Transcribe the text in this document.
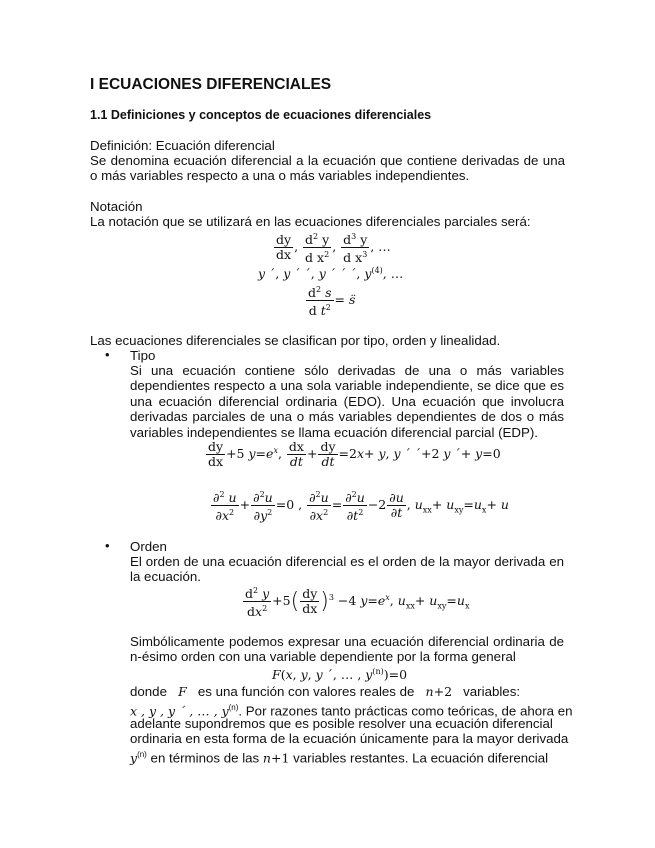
I ECUACIONES DIFERENCIALES
1.1 Definiciones y conceptos de ecuaciones diferenciales
Definición: Ecuación diferencial
Se denomina ecuación diferencial a la ecuación que contiene derivadas de una o más variables respecto a una o más variables independientes.
Notación
La notación que se utilizará en las ecuaciones diferenciales parciales será:
$\frac{dy}{dx}$ , $\frac{d^2 y}{d x^2}$ , $\frac{d^3 y}{d x^3}$ , …
y ´, y ´ ´, y ´ ´ ´, $y^{(4)}$, …
$\frac{d^2 s}{d t^2}$ = s̈
Las ecuaciones diferenciales se clasifican por tipo, orden y linealidad.
• Tipo
Si una ecuación contiene sólo derivadas de una o más variables dependientes respecto a una sola variable independiente, se dice que es una ecuación diferencial ordinaria (EDO). Una ecuación que involucra derivadas parciales de una o más variables dependientes de dos o más variables independientes se llama ecuación diferencial parcial (EDP).
$\frac{dy}{dx} +5$ $y=e^x$, $\frac{dx}{dt} + \frac{dy}{dt} =2x+ y$, y ´ ´+2 y ´+ y=0
$\frac{\partial^2 u}{\partial x^2} + \frac{\partial^2u}{\partial y^2} =0$ , $\frac{\partial^2u}{\partial x^2} = \frac{\partial^2u}{\partial t^2} -2 \frac{\partial u}{\partial t}$ , $u_{xx}+ u_{xy}=u_x+ u$
• Orden
El orden de una ecuación diferencial es el orden de la mayor derivada en la ecuación.
$\frac{d^2 y}{dx^2} +5( \frac{dy}{dx} )^3 -4$ $y=e^x$, $u_{xx}+ u_{xy}=u_x$
Simbólicamente podemos expresar una ecuación diferencial ordinaria de n-ésimo orden con una variable dependiente por la forma general
F(x, y, y ´, … , $y^{(n)})=0$
donde F es una función con valores reales de n+2 variables:
x , y , y ´ , … , $y^{(n)}$. Por razones tanto prácticas como teóricas, de ahora en
adelante supondremos que es posible resolver una ecuación diferencial
ordinaria en esta forma de la ecuación únicamente para la mayor derivada
$y^{(n)}$ en términos de las n+1 variables restantes. La ecuación diferencial
